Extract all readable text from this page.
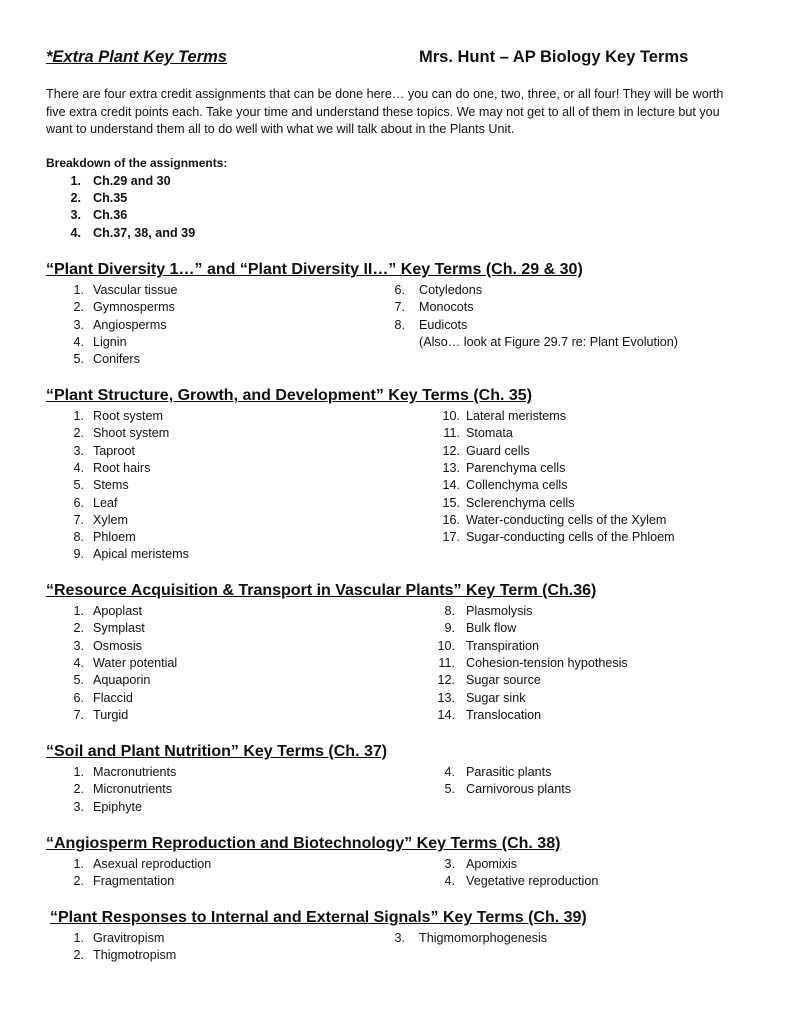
*Extra Plant Key Terms	Mrs. Hunt – AP Biology Key Terms
There are four extra credit assignments that can be done here… you can do one, two, three, or all four! They will be worth five extra credit points each. Take your time and understand these topics. We may not get to all of them in lecture but you want to understand them all to do well with what we will talk about in the Plants Unit.
Breakdown of the assignments:
1. Ch.29 and 30
2. Ch.35
3. Ch.36
4. Ch.37, 38, and 39
“Plant Diversity 1…” and “Plant Diversity II…” Key Terms (Ch. 29 & 30)
1. Vascular tissue
2. Gymnosperms
3. Angiosperms
4. Lignin
5. Conifers
6. Cotyledons
7. Monocots
8. Eudicots
(Also… look at Figure 29.7 re: Plant Evolution)
“Plant Structure, Growth, and Development” Key Terms (Ch. 35)
1. Root system
2. Shoot system
3. Taproot
4. Root hairs
5. Stems
6. Leaf
7. Xylem
8. Phloem
9. Apical meristems
10. Lateral meristems
11. Stomata
12. Guard cells
13. Parenchyma cells
14. Collenchyma cells
15. Sclerenchyma cells
16. Water-conducting cells of the Xylem
17. Sugar-conducting cells of the Phloem
“Resource Acquisition & Transport in Vascular Plants” Key Term (Ch.36)
1. Apoplast
2. Symplast
3. Osmosis
4. Water potential
5. Aquaporin
6. Flaccid
7. Turgid
8. Plasmolysis
9. Bulk flow
10. Transpiration
11. Cohesion-tension hypothesis
12. Sugar source
13. Sugar sink
14. Translocation
“Soil and Plant Nutrition” Key Terms (Ch. 37)
1. Macronutrients
2. Micronutrients
3. Epiphyte
4. Parasitic plants
5. Carnivorous plants
“Angiosperm Reproduction and Biotechnology” Key Terms (Ch. 38)
1. Asexual reproduction
2. Fragmentation
3. Apomixis
4. Vegetative reproduction
“Plant Responses to Internal and External Signals” Key Terms (Ch. 39)
1. Gravitropism
2. Thigmotropism
3. Thigmomorphogenesis
